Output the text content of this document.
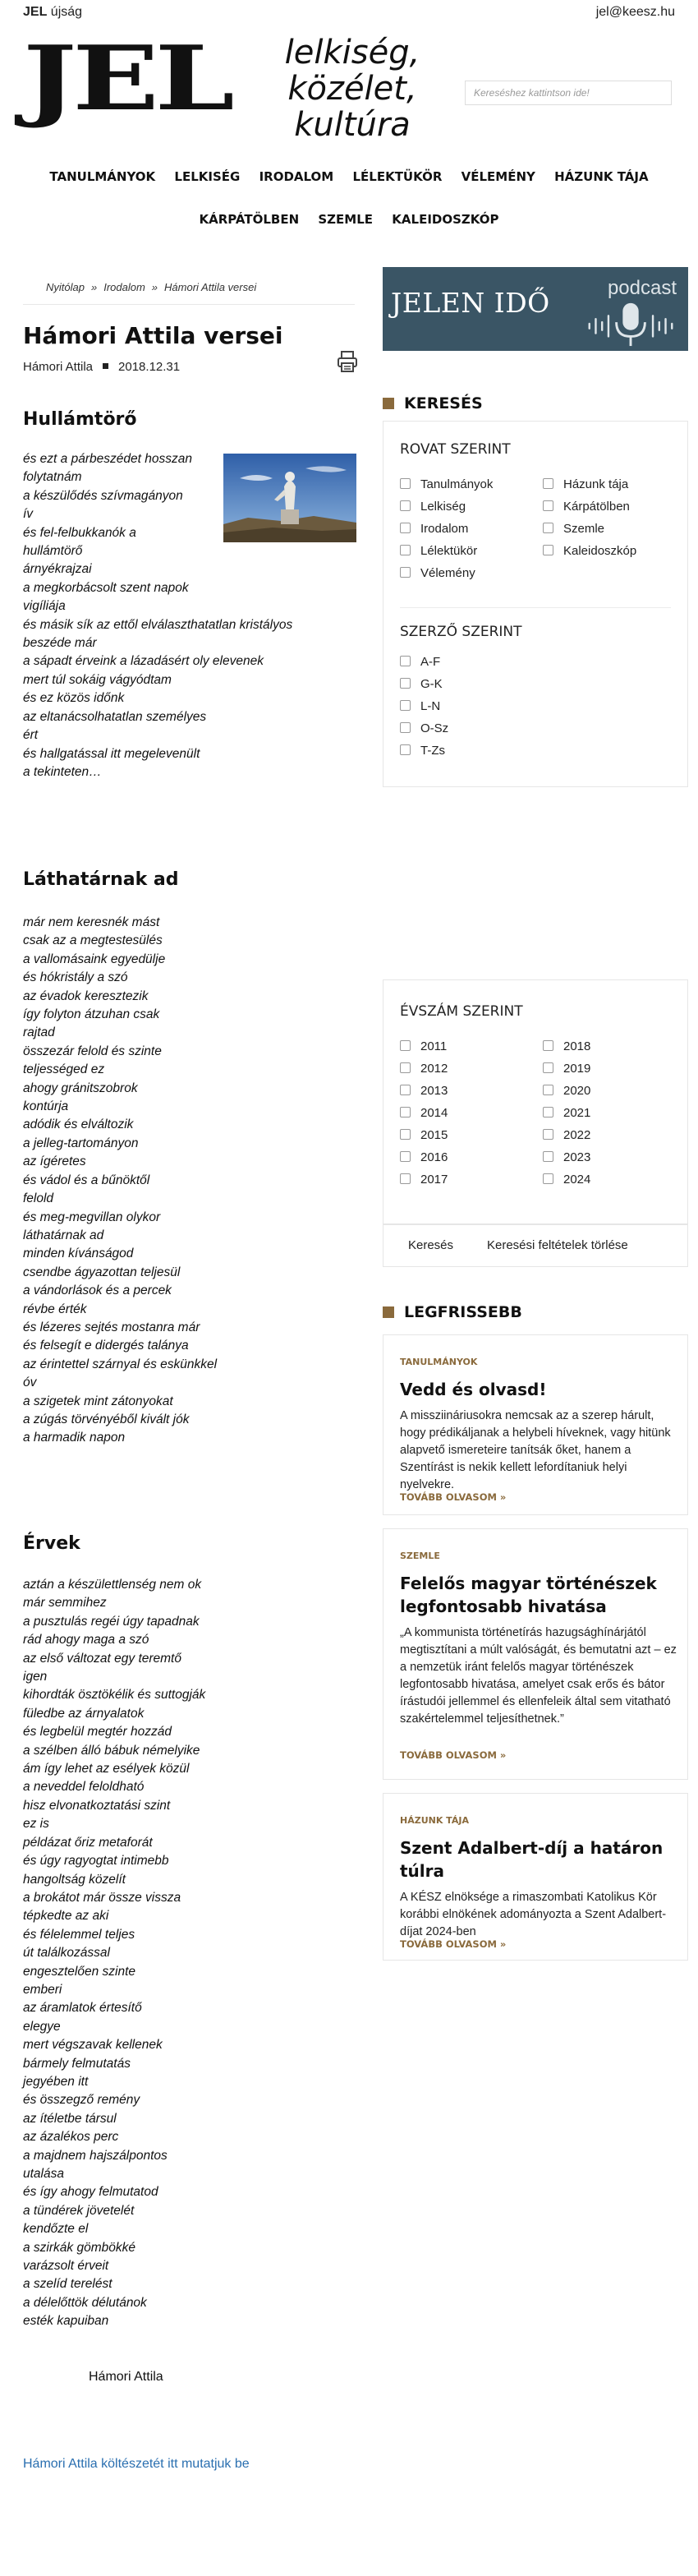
JEL újság	jel@keesz.hu
JEL	lelkiség,
közélet,
kultúra
Kereséshez kattintson ide!
TANULMÁNYOK LELKISÉG IRODALOM LÉLEKTÜKÖR VÉLEMÉNY HÁZUNK TÁJA
KÁRPÁTÖLBEN SZEMLE KALEIDOSZKÓP
Nyitólap » Irodalom » Hámori Attila versei
Hámori Attila versei
Hámori Attila 2018.12.31
Hullámtörő
és ezt a párbeszédet hosszan
folytatnám
a készülődés szívmagányon
ív
és fel-felbukkanók a
hullámtörő
árnyékrajzai
a megkorbácsolt szent napok
vigíliája
és másik sík az ettől elválaszthatatlan kristályos
beszéde már
a sápadt érveink a lázadásért oly elevenek
mert túl sokáig vágyódtam
és ez közös időnk
az eltanácsolhatatlan személyes
ért
és hallgatással itt megelevenült
a tekinteten…
Láthatárnak ad
már nem keresnék mást
csak az a megtestesülés
a vallomásaink egyedülje
és hókristály a szó
az évadok keresztezik
így folyton átzuhan csak
rajtad
összezár felold és szinte
teljességed ez
ahogy gránitszobrok
kontúrja
adódik és elváltozik
a jelleg-tartományon
az ígéretes
és vádol és a bűnöktől
felold
és meg-megvillan olykor
láthatárnak ad
minden kívánságod
csendbe ágyazottan teljesül
a vándorlások és a percek
révbe érték
és lézeres sejtés mostanra már
és felsegít e didergés talánya
az érintettel szárnyal és eskünkkel
óv
a szigetek mint zátonyokat
a zúgás törvényéből kivált jók
a harmadik napon
Érvek
aztán a készülettlenség nem ok
már semmihez
a pusztulás regéi úgy tapadnak
rád ahogy maga a szó
az első változat egy teremtő
igen
kihordták ösztökélik és suttogják
füledbe az árnyalatok
és legbelül megtér hozzád
a szélben álló bábuk némelyike
ám így lehet az esélyek közül
a neveddel feloldható
hisz elvonatkoztatási szint
ez is
példázat őriz metaforát
és úgy ragyogtat intimebb
hangoltság közelít
a brokátot már össze vissza
tépkedte az aki
és félelemmel teljes
út találkozással
engesztelően szinte
emberi
az áramlatok értesítő
elegye
mert végszavak kellenek
bármely felmutatás
jegyében itt
és összegző remény
az ítéletbe társul
az ázalékos perc
a majdnem hajszálpontos
utalása
és így ahogy felmutatod
a tündérek jövetelét
kendőzte el
a szirkák gömbökké
varázsolt érveit
a szelíd terelést
a délelőttök délutánok
esték kapuiban
Hámori Attila
Hámori Attila költészetét itt mutatjuk be
JELEN IDŐ	podcast
KERESÉS
ROVAT SZERINT
Tanulmányok
Lelkiség
Irodalom
Lélektükör
Vélemény
Házunk tája
Kárpátölben
Szemle
Kaleidoszkóp
SZERZŐ SZERINT
A-F
G-K
L-N
O-Sz
T-Zs
ÉVSZÁM SZERINT
2011
2012
2013
2014
2015
2016
2017
2018
2019
2020
2021
2022
2023
2024
Keresés	Keresési feltételek törlése
LEGFRISSEBB
TANULMÁNYOK
Vedd és olvasd!
A missziináriusokra nemcsak az a szerep hárult, hogy prédikáljanak a helybeli híveknek, vagy hitünk alapvető ismereteire tanítsák őket, hanem a Szentírást is nekik kellett lefordítaniuk helyi nyelvekre.
TOVÁBB OLVASOM »
SZEMLE
Felelős magyar történészek legfontosabb hivatása
„A kommunista történetírás hazugsághínárjától megtisztítani a múlt valóságát, és bemutatni azt – ez a nemzetük iránt felelős magyar történészek legfontosabb hivatása, amelyet csak erős és bátor írástudói jellemmel és ellenfeleik által sem vitatható szakértelemmel teljesíthetnek.”
TOVÁBB OLVASOM »
HÁZUNK TÁJA
Szent Adalbert-díj a határon túlra
A KÉSZ elnöksége a rimaszombati Katolikus Kör korábbi elnökének adományozta a Szent Adalbert-díjat 2024-ben
TOVÁBB OLVASOM »
